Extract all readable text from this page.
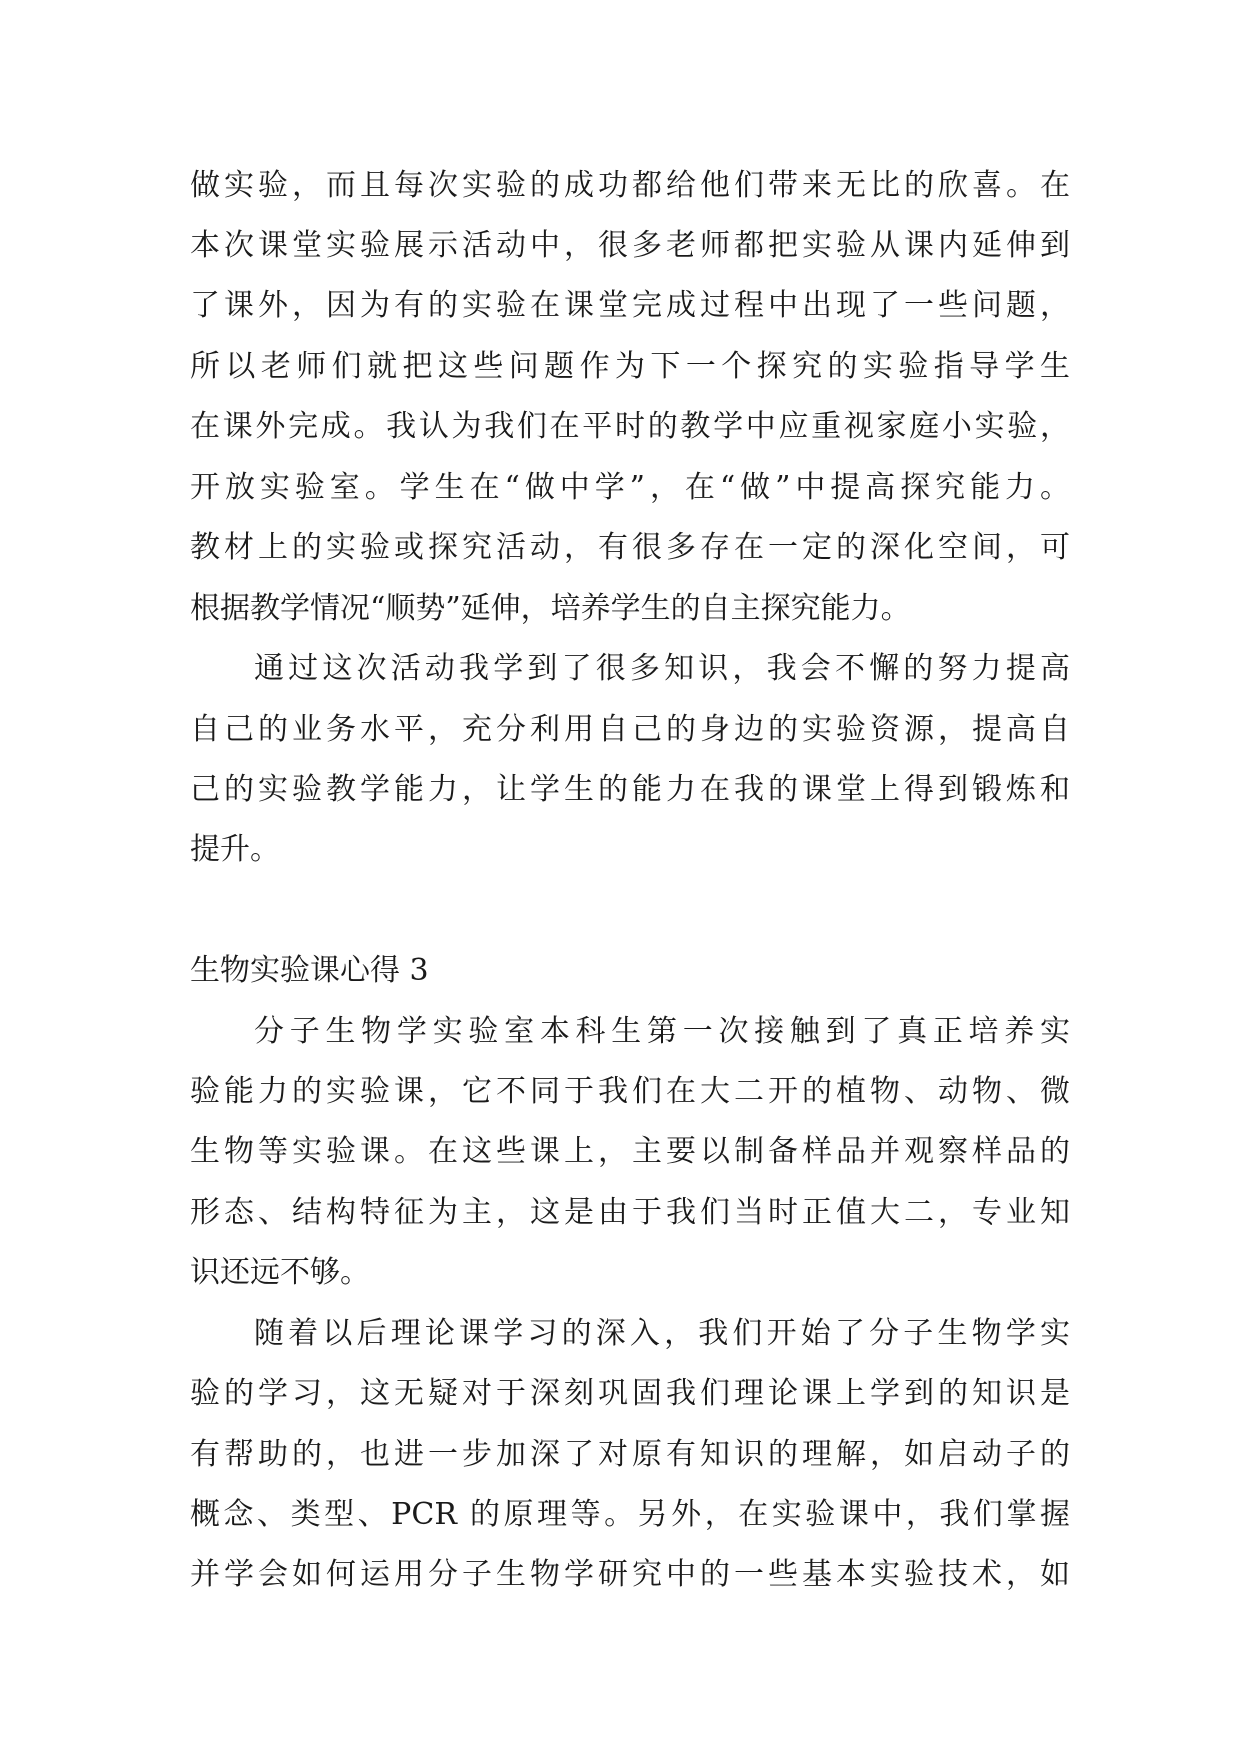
做实验，而且每次实验的成功都给他们带来无比的欣喜。在
本次课堂实验展示活动中，很多老师都把实验从课内延伸到
了课外，因为有的实验在课堂完成过程中出现了一些问题，
所以老师们就把这些问题作为下一个探究的实验指导学生
在课外完成。我认为我们在平时的教学中应重视家庭小实验，
开放实验室。学生在“做中学”，在“做”中提高探究能力。
教材上的实验或探究活动，有很多存在一定的深化空间，可
根据教学情况“顺势”延伸，培养学生的自主探究能力。
通过这次活动我学到了很多知识，我会不懈的努力提高
自己的业务水平，充分利用自己的身边的实验资源，提高自
己的实验教学能力，让学生的能力在我的课堂上得到锻炼和
提升。
生物实验课心得 3
分子生物学实验室本科生第一次接触到了真正培养实
验能力的实验课，它不同于我们在大二开的植物、动物、微
生物等实验课。在这些课上，主要以制备样品并观察样品的
形态、结构特征为主，这是由于我们当时正值大二，专业知
识还远不够。
随着以后理论课学习的深入，我们开始了分子生物学实
验的学习，这无疑对于深刻巩固我们理论课上学到的知识是
有帮助的，也进一步加深了对原有知识的理解，如启动子的
概念、类型、PCR 的原理等。另外，在实验课中，我们掌握
并学会如何运用分子生物学研究中的一些基本实验技术，如
